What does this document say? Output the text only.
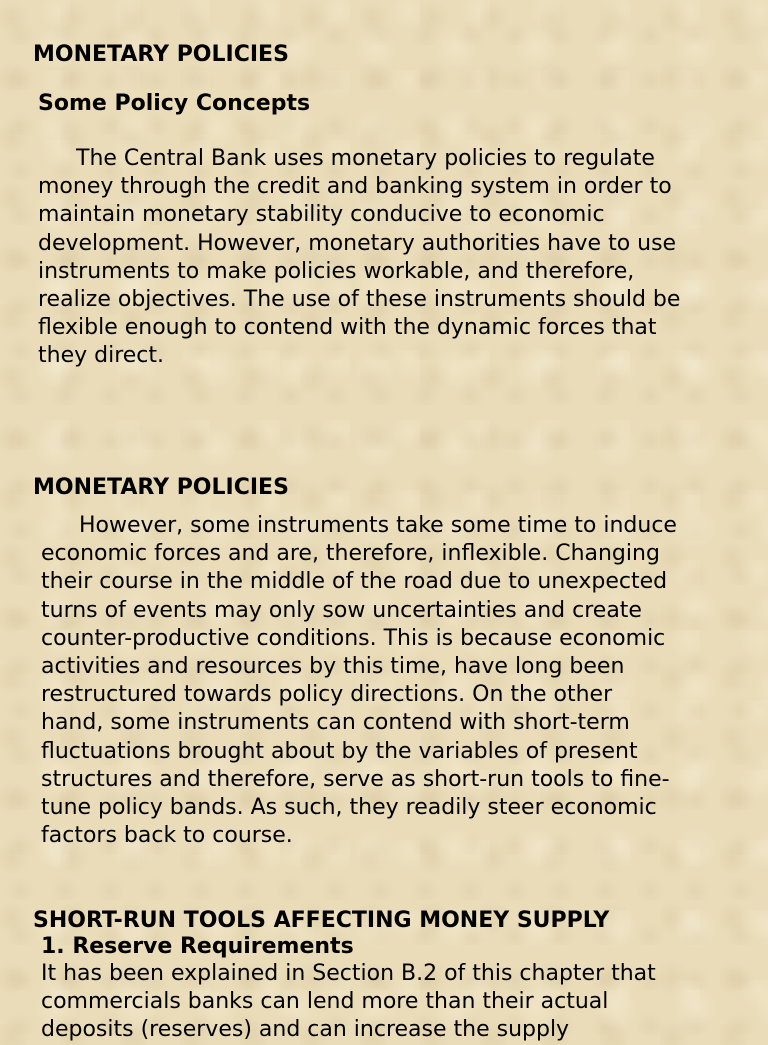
MONETARY POLICIES
Some Policy Concepts
The Central Bank uses monetary policies to regulate
money through the credit and banking system in order to
maintain monetary stability conducive to economic
development. However, monetary authorities have to use
instruments to make policies workable, and therefore,
realize objectives. The use of these instruments should be
flexible enough to contend with the dynamic forces that
they direct.
MONETARY POLICIES
However, some instruments take some time to induce
economic forces and are, therefore, inflexible. Changing
their course in the middle of the road due to unexpected
turns of events may only sow uncertainties and create
counter-productive conditions. This is because economic
activities and resources by this time, have long been
restructured towards policy directions. On the other
hand, some instruments can contend with short-term
fluctuations brought about by the variables of present
structures and therefore, serve as short-run tools to fine-
tune policy bands. As such, they readily steer economic
factors back to course.
SHORT-RUN TOOLS AFFECTING MONEY SUPPLY
1. Reserve Requirements
It has been explained in Section B.2 of this chapter that
commercials banks can lend more than their actual
deposits (reserves) and can increase the supply
